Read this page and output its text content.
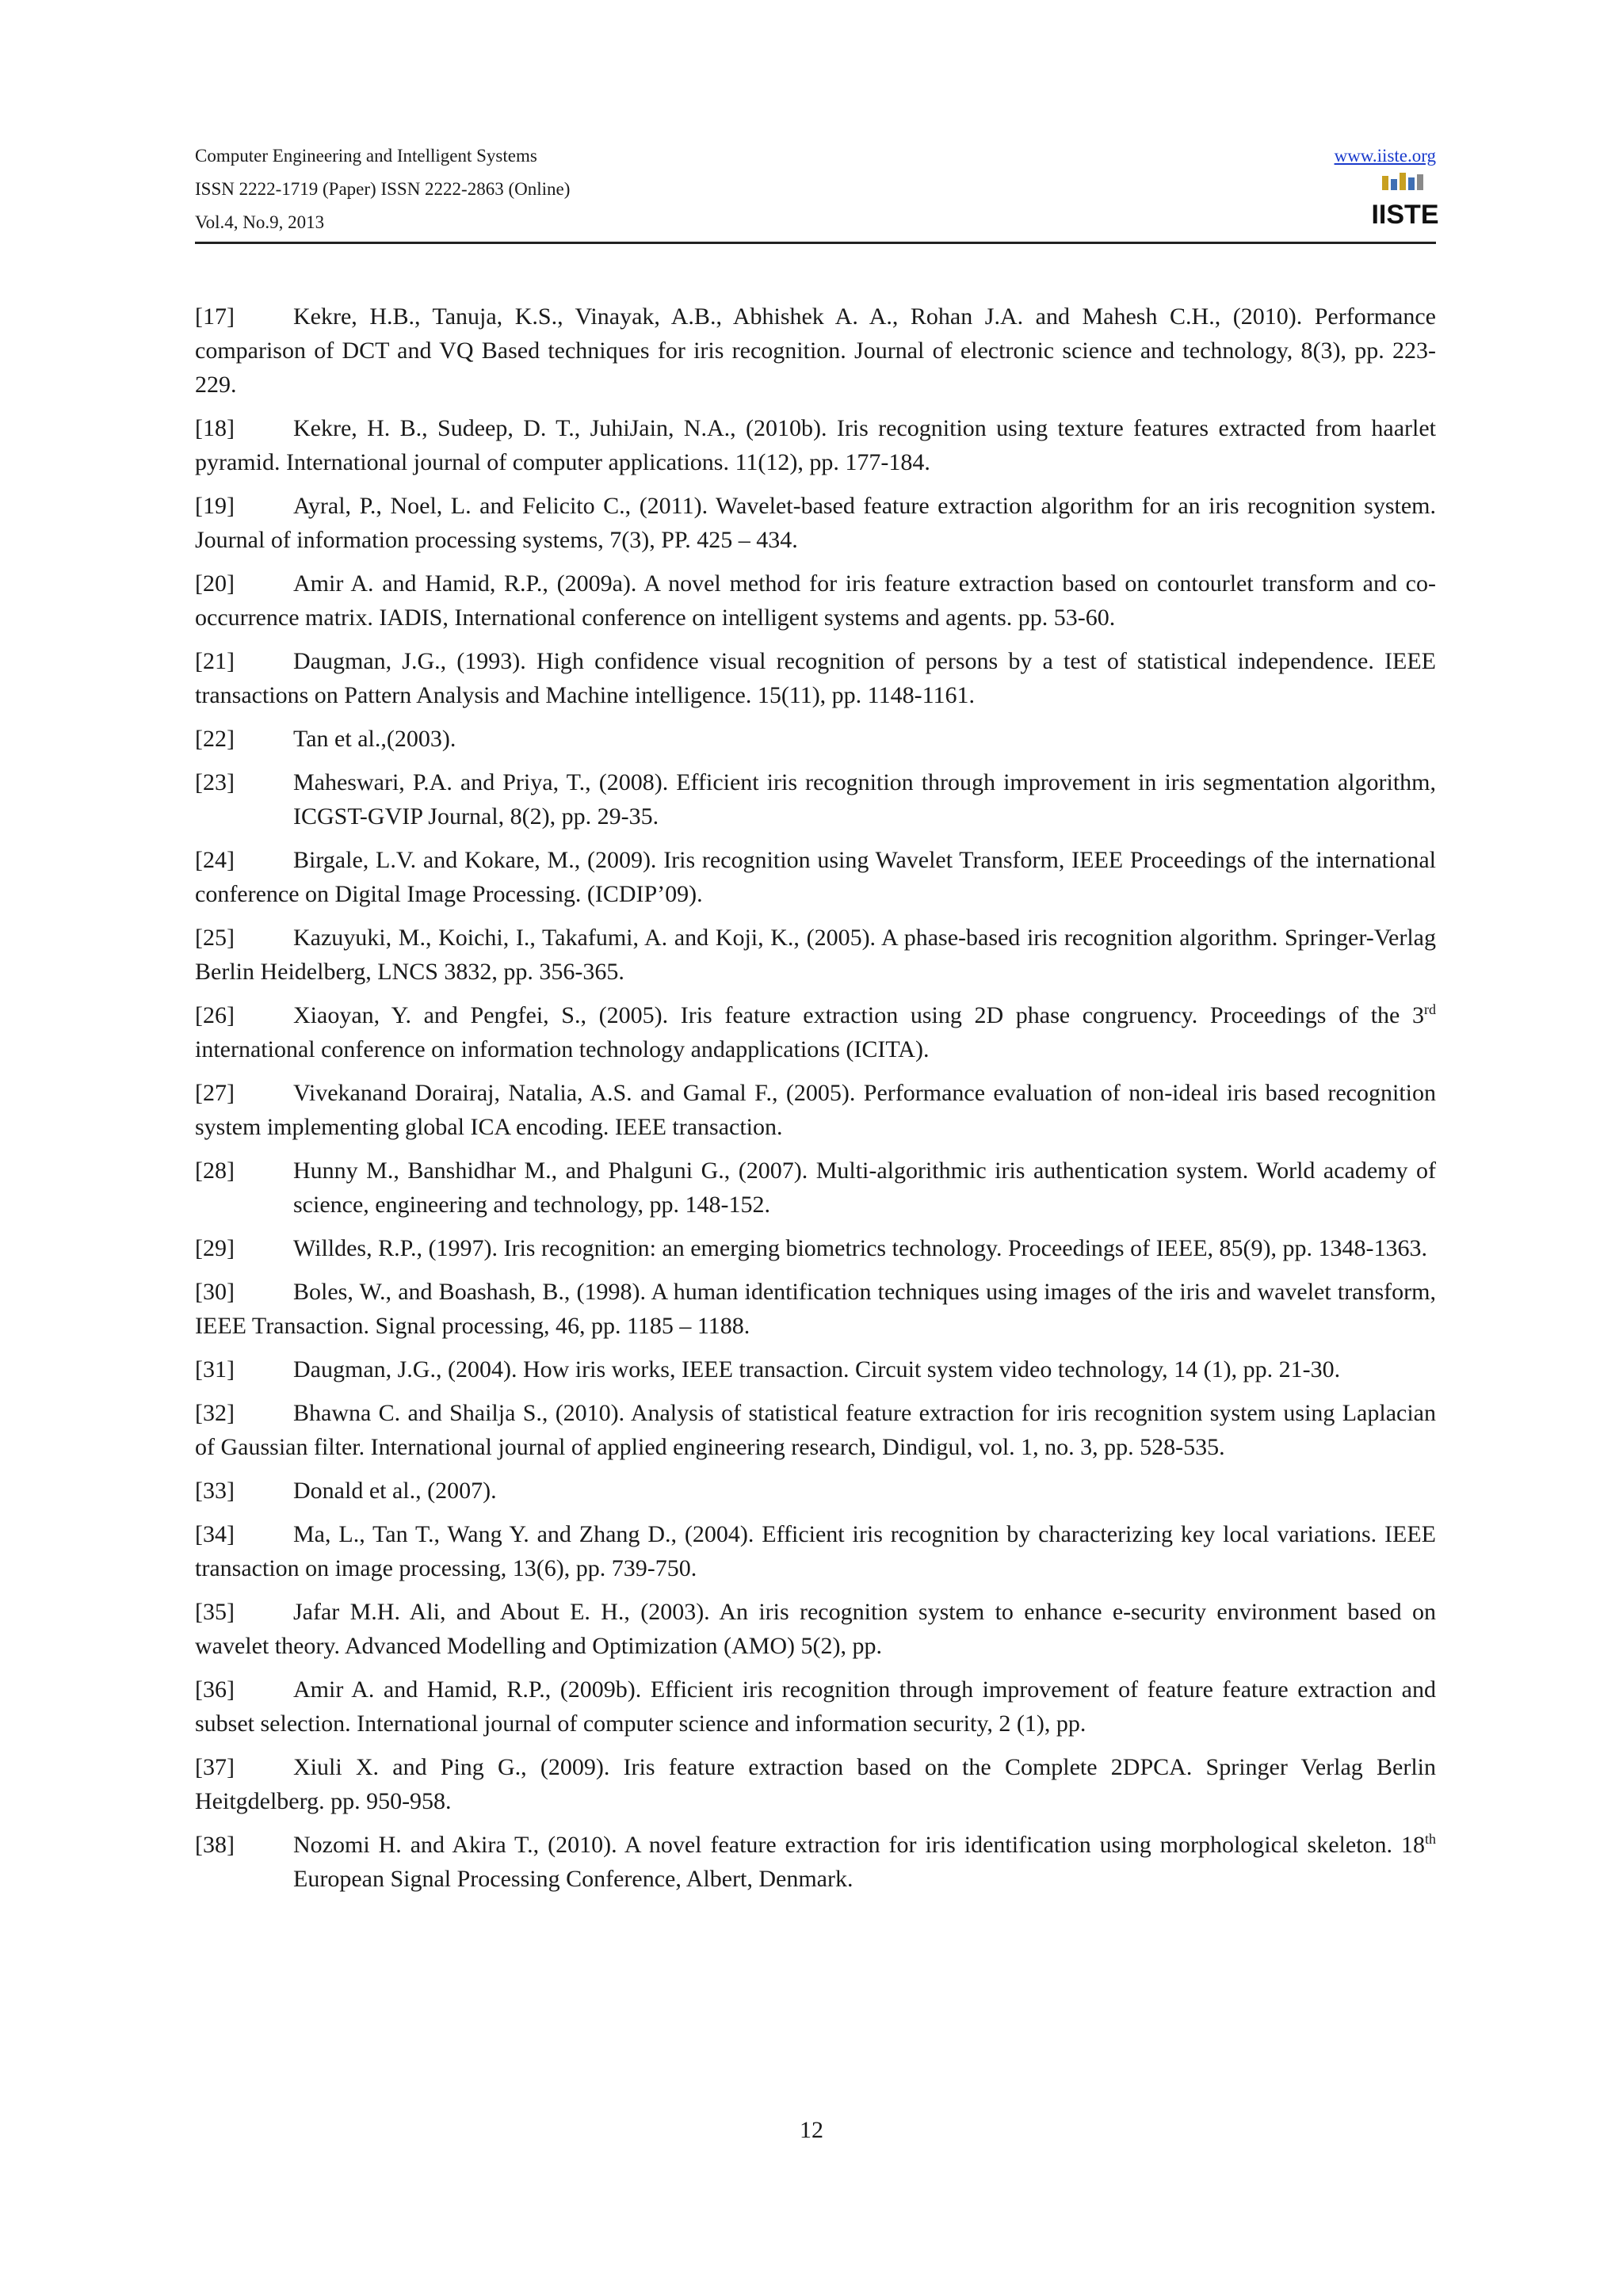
Computer Engineering and Intelligent Systems
ISSN 2222-1719 (Paper) ISSN 2222-2863 (Online)
Vol.4, No.9, 2013
www.iiste.org
IISTE
[17] Kekre, H.B., Tanuja, K.S., Vinayak, A.B., Abhishek A. A., Rohan J.A. and Mahesh C.H., (2010). Performance comparison of DCT and VQ Based techniques for iris recognition. Journal of electronic science and technology, 8(3), pp. 223-229.
[18] Kekre, H. B., Sudeep, D. T., JuhiJain, N.A., (2010b). Iris recognition using texture features extracted from haarlet pyramid. International journal of computer applications. 11(12), pp. 177-184.
[19] Ayral, P., Noel, L. and Felicito C., (2011). Wavelet-based feature extraction algorithm for an iris recognition system. Journal of information processing systems, 7(3), PP. 425 – 434.
[20] Amir A. and Hamid, R.P., (2009a). A novel method for iris feature extraction based on contourlet transform and co-occurrence matrix. IADIS, International conference on intelligent systems and agents. pp. 53-60.
[21] Daugman, J.G., (1993). High confidence visual recognition of persons by a test of statistical independence. IEEE transactions on Pattern Analysis and Machine intelligence. 15(11), pp. 1148-1161.
[22] Tan et al.,(2003).
[23] Maheswari, P.A. and Priya, T., (2008). Efficient iris recognition through improvement in iris segmentation algorithm, ICGST-GVIP Journal, 8(2), pp. 29-35.
[24] Birgale, L.V. and Kokare, M., (2009). Iris recognition using Wavelet Transform, IEEE Proceedings of the international conference on Digital Image Processing. (ICDIP’09).
[25] Kazuyuki, M., Koichi, I., Takafumi, A. and Koji, K., (2005). A phase-based iris recognition algorithm. Springer-Verlag Berlin Heidelberg, LNCS 3832, pp. 356-365.
[26] Xiaoyan, Y. and Pengfei, S., (2005). Iris feature extraction using 2D phase congruency. Proceedings of the 3rd international conference on information technology andapplications (ICITA).
[27] Vivekanand Dorairaj, Natalia, A.S. and Gamal F., (2005). Performance evaluation of non-ideal iris based recognition system implementing global ICA encoding. IEEE transaction.
[28] Hunny M., Banshidhar M., and Phalguni G., (2007). Multi-algorithmic iris authentication system. World academy of science, engineering and technology, pp. 148-152.
[29] Willdes, R.P., (1997). Iris recognition: an emerging biometrics technology. Proceedings of IEEE, 85(9), pp. 1348-1363.
[30] Boles, W., and Boashash, B., (1998). A human identification techniques using images of the iris and wavelet transform, IEEE Transaction. Signal processing, 46, pp. 1185 – 1188.
[31] Daugman, J.G., (2004). How iris works, IEEE transaction. Circuit system video technology, 14 (1), pp. 21-30.
[32] Bhawna C. and Shailja S., (2010). Analysis of statistical feature extraction for iris recognition system using Laplacian of Gaussian filter. International journal of applied engineering research, Dindigul, vol. 1, no. 3, pp. 528-535.
[33] Donald et al., (2007).
[34] Ma, L., Tan T., Wang Y. and Zhang D., (2004). Efficient iris recognition by characterizing key local variations. IEEE transaction on image processing, 13(6), pp. 739-750.
[35] Jafar M.H. Ali, and About E. H., (2003). An iris recognition system to enhance e-security environment based on wavelet theory. Advanced Modelling and Optimization (AMO) 5(2), pp.
[36] Amir A. and Hamid, R.P., (2009b). Efficient iris recognition through improvement of feature feature extraction and subset selection. International journal of computer science and information security, 2 (1), pp.
[37] Xiuli X. and Ping G., (2009). Iris feature extraction based on the Complete 2DPCA. Springer Verlag Berlin Heitgdelberg. pp. 950-958.
[38] Nozomi H. and Akira T., (2010). A novel feature extraction for iris identification using morphological skeleton. 18th European Signal Processing Conference, Albert, Denmark.
12
